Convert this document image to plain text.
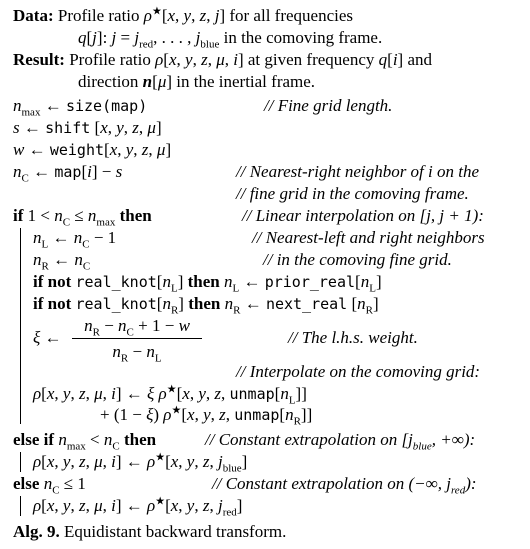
Data: Profile ratio ρ★[x, y, z, j] for all frequencies
q[j]: $j = j_{red}$, . . . , $j_{blue}$ in the comoving frame.
Result: Profile ratio ρ[x, y, z, μ, i] at given frequency q[i] and
direction n[μ] in the inertial frame.
$n_{max}$ ← size(map)	// Fine grid length.
s ← shift [x, y, z, μ]
w ← weight[x, y, z, μ]
$n_C$ ← map[i] − s	// Nearest-right neighbor of i on the
// fine grid in the comoving frame.
if $1 < n_C \le n_{max}$ then	// Linear interpolation on [j, j + 1):
$n_L$ ← $n_C - 1$	// Nearest-left and right neighbors
$n_R$ ← $n_C$	// in the comoving fine grid.
if not $real\_knot[n_L]$ then $n_L$ ← $prior\_real[n_L]$
if not $real\_knot[n_R]$ then $n_R$ ← next_real $[n_R]$
ξ ←
$n_R - n_C + 1 - w$
$n_R - n_L$
// The l.h.s. weight.
// Interpolate on the comoving grid:
ρ[x, y, z, μ, i] ← ξ ρ★[x, y, z, $unmap[n_L]$]
+ (1 − ξ) ρ★[x, y, z, $unmap[n_R]$]
else if $n_{max} < n_C$ then	// Constant extrapolation on [$j_{blue}$, +∞):
ρ[x, y, z, μ, i] ← ρ★[x, y, z, $j_{blue}$]
else $n_C \le 1$	// Constant extrapolation on (−∞, $j_{red}$):
ρ[x, y, z, μ, i] ← ρ★[x, y, z, $j_{red}$]
Alg. 9. Equidistant backward transform.
